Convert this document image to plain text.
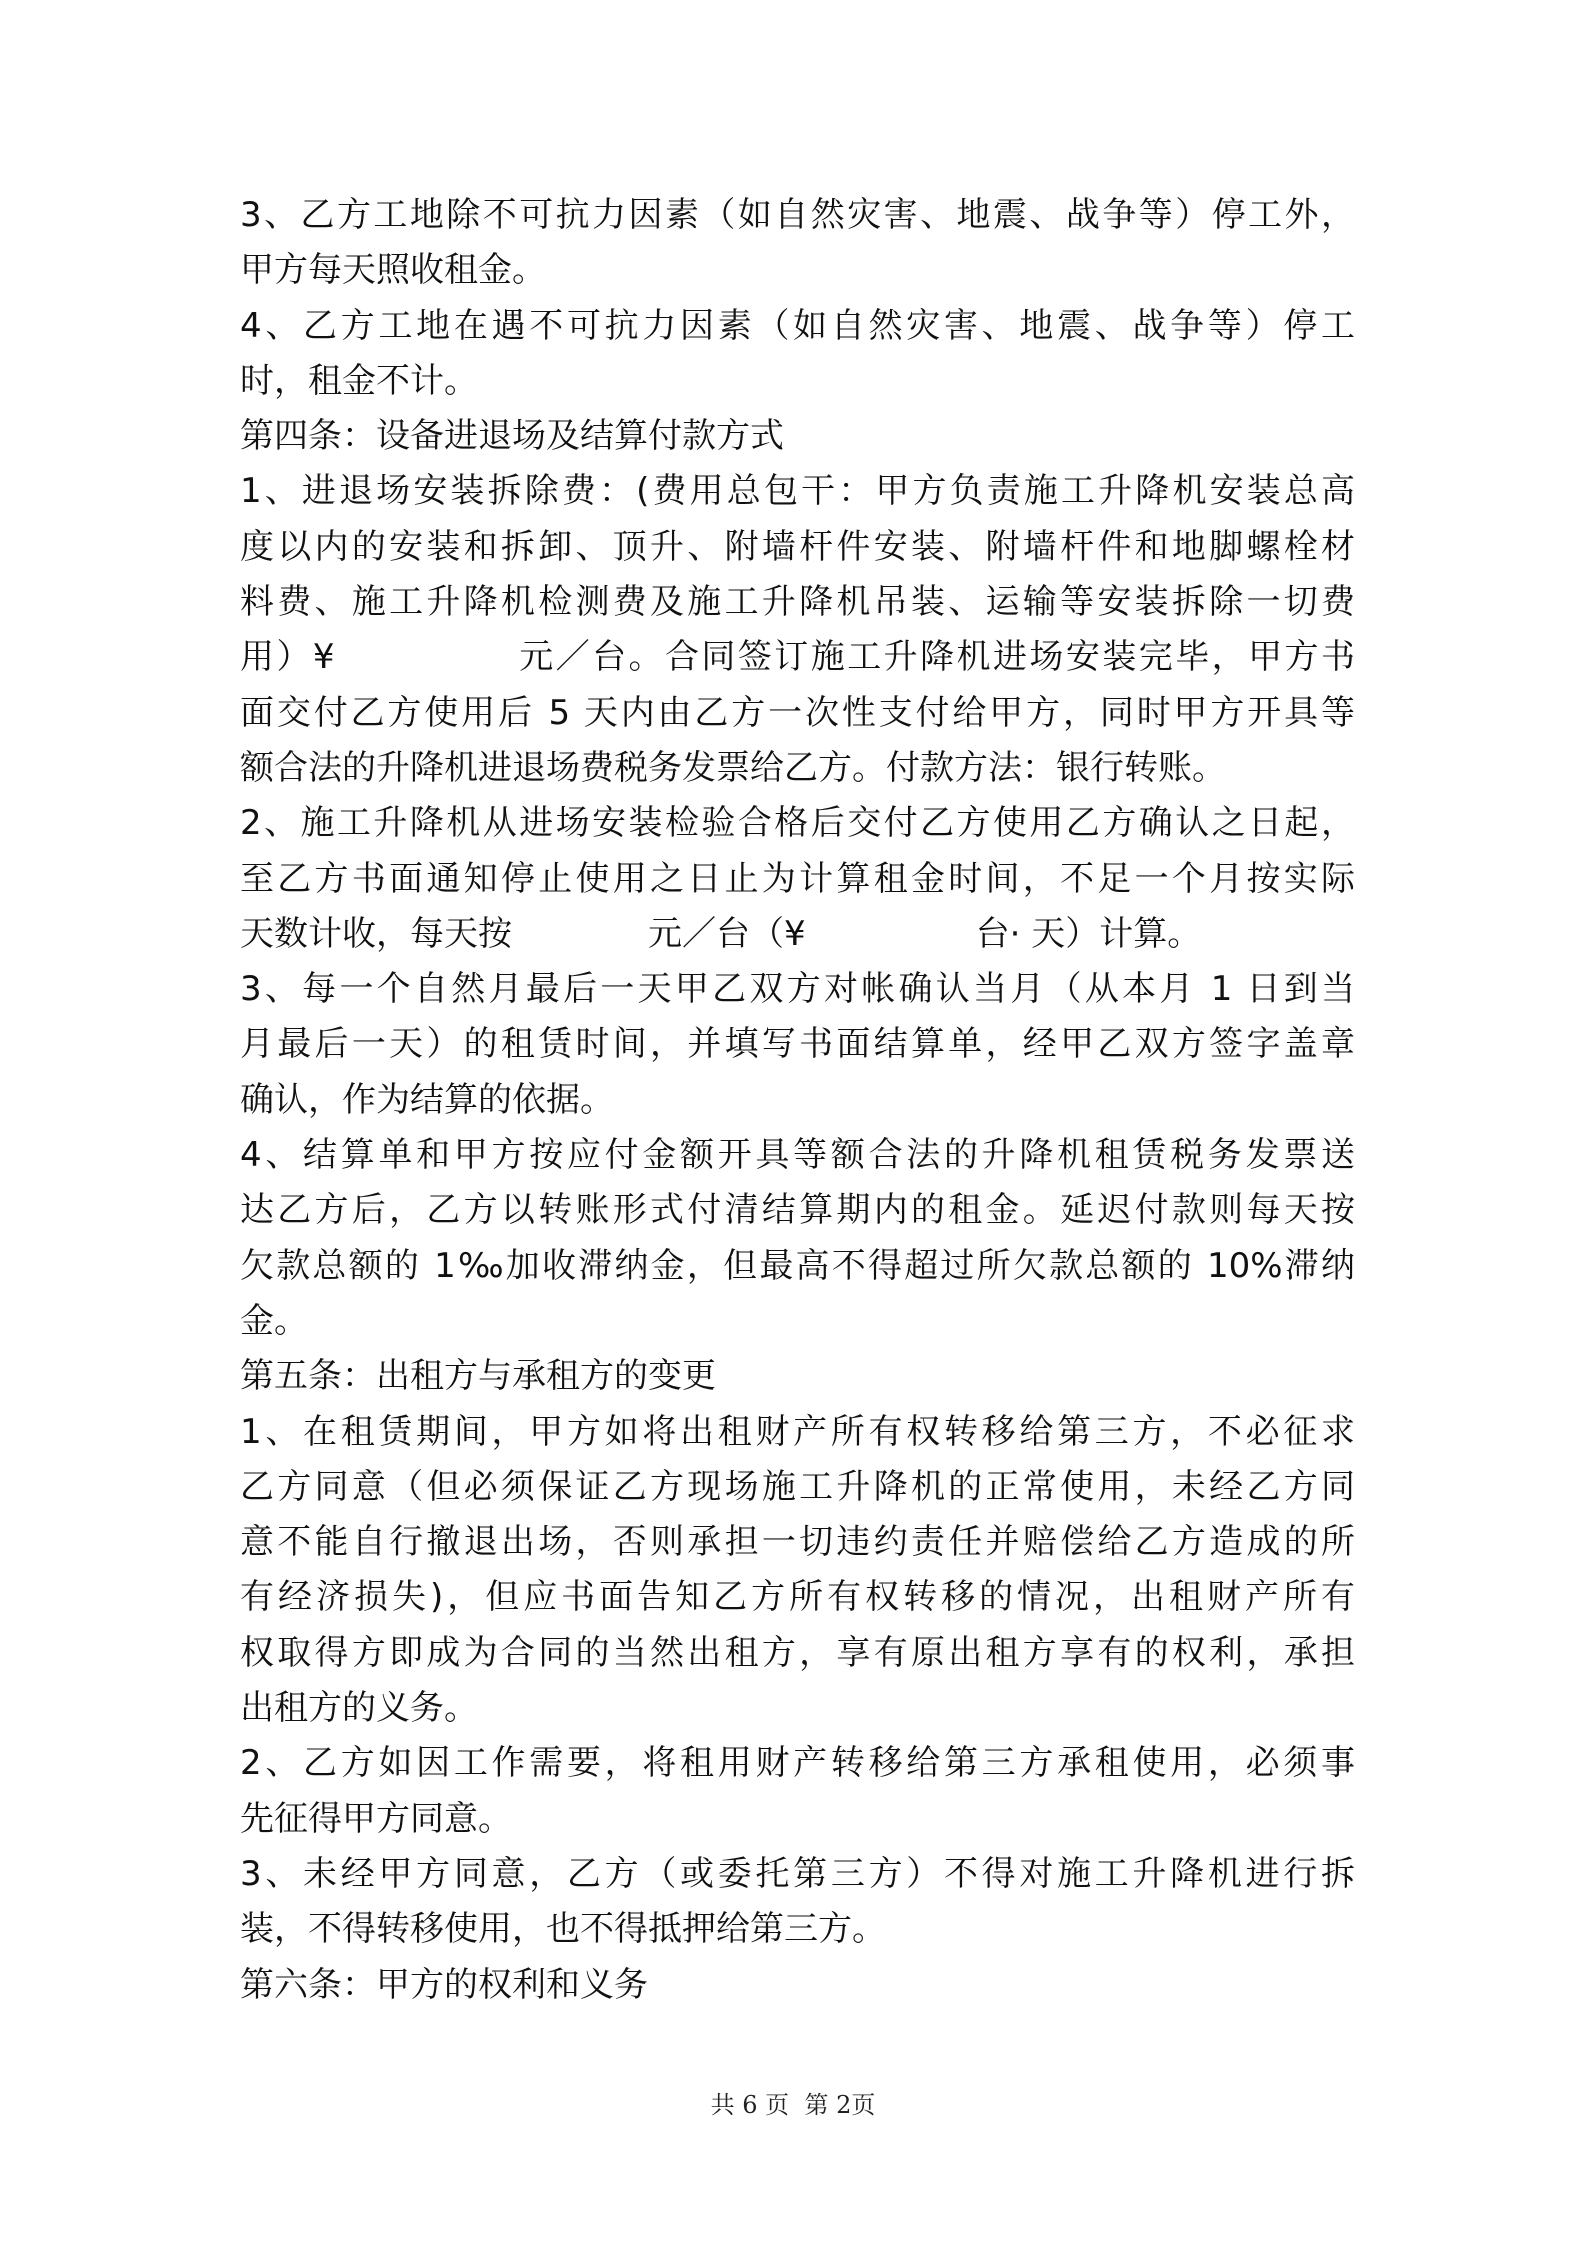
3、乙方工地除不可抗力因素（如自然灾害、地震、战争等）停工外，
甲方每天照收租金。
4、乙方工地在遇不可抗力因素（如自然灾害、地震、战争等）停工
时，租金不计。
第四条：设备进退场及结算付款方式
1、进退场安装拆除费：(费用总包干：甲方负责施工升降机安装总高
度以内的安装和拆卸、顶升、附墙杆件安装、附墙杆件和地脚螺栓材
料费、施工升降机检测费及施工升降机吊装、运输等安装拆除一切费
用）¥　　　　　元／台。合同签订施工升降机进场安装完毕，甲方书
面交付乙方使用后 5 天内由乙方一次性支付给甲方，同时甲方开具等
额合法的升降机进退场费税务发票给乙方。付款方法：银行转账。
2、施工升降机从进场安装检验合格后交付乙方使用乙方确认之日起，
至乙方书面通知停止使用之日止为计算租金时间，不足一个月按实际
天数计收，每天按　　　　元／台（¥　　　　　台· 天）计算。
3、每一个自然月最后一天甲乙双方对帐确认当月（从本月 1 日到当
月最后一天）的租赁时间，并填写书面结算单，经甲乙双方签字盖章
确认，作为结算的依据。
4、结算单和甲方按应付金额开具等额合法的升降机租赁税务发票送
达乙方后，乙方以转账形式付清结算期内的租金。延迟付款则每天按
欠款总额的 1‰加收滞纳金，但最高不得超过所欠款总额的 10%滞纳
金。
第五条：出租方与承租方的变更
1、在租赁期间，甲方如将出租财产所有权转移给第三方，不必征求
乙方同意（但必须保证乙方现场施工升降机的正常使用，未经乙方同
意不能自行撤退出场，否则承担一切违约责任并赔偿给乙方造成的所
有经济损失)，但应书面告知乙方所有权转移的情况，出租财产所有
权取得方即成为合同的当然出租方，享有原出租方享有的权利，承担
出租方的义务。
2、乙方如因工作需要，将租用财产转移给第三方承租使用，必须事
先征得甲方同意。
3、未经甲方同意，乙方（或委托第三方）不得对施工升降机进行拆
装，不得转移使用，也不得抵押给第三方。
第六条：甲方的权利和义务
共 6 页  第 2页
